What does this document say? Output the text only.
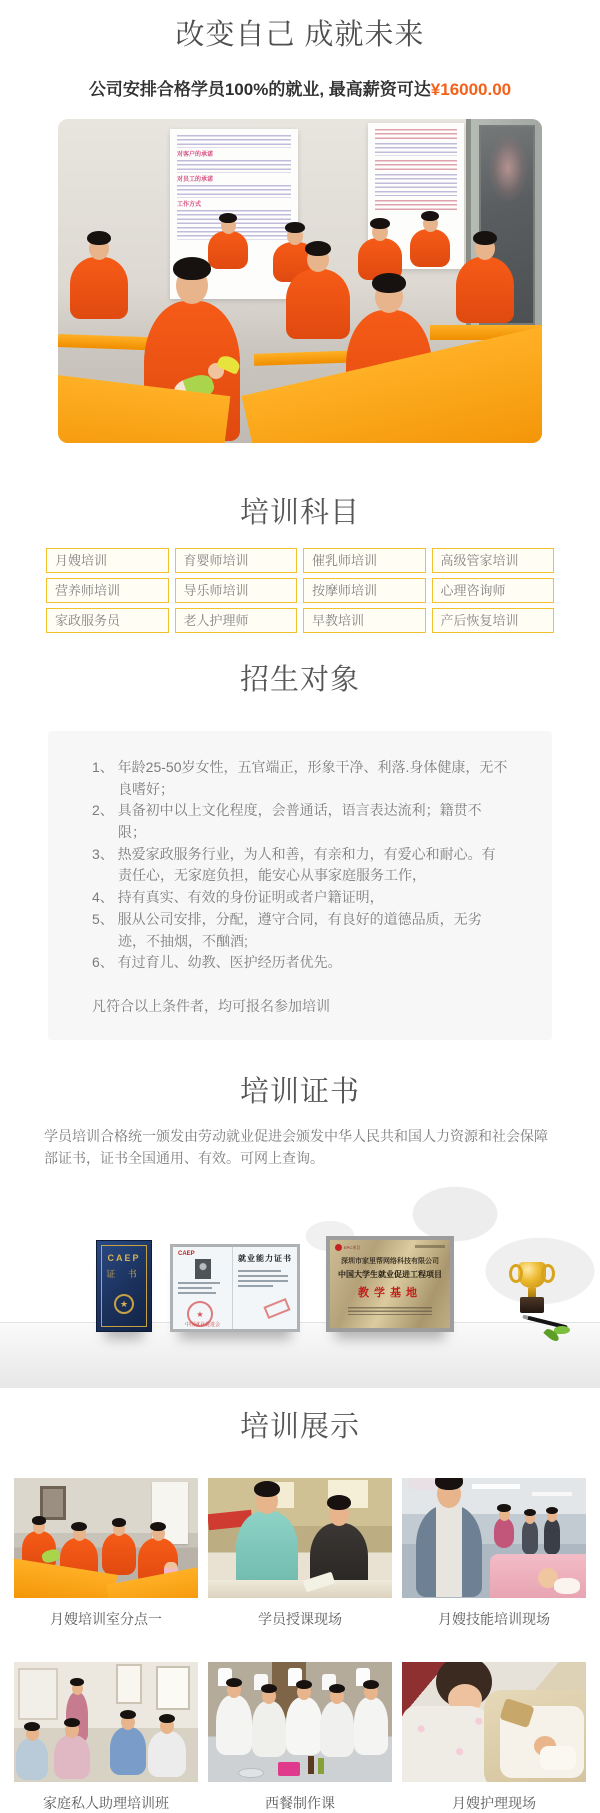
改变自己 成就未来

公司安排合格学员100%的就业, 最高薪资可达¥16000.00

对客户的承诺
对员工的承诺
工作方式
培训科目
月嫂培训	育婴师培训	催乳师培训	高级管家培训
营养师培训	导乐师培训	按摩师培训	心理咨询师
家政服务员	老人护理师	早教培训	产后恢复培训
招生对象
1、 年龄25-50岁女性，五官端正，形象干净、利落.身体健康，无不良嗜好；
2、 具备初中以上文化程度，会普通话，语言表达流利；籍贯不限；
3、 热爱家政服务行业，为人和善，有亲和力，有爱心和耐心。有责任心，无家庭负担，能安心从事家庭服务工作，
4、 持有真实、有效的身份证明或者户籍证明，
5、 服从公司安排，分配，遵守合同，有良好的道德品质，无劣迹，不抽烟，不酗酒;
6、 有过育儿、幼教、医护经历者优先。

凡符合以上条件者，均可报名参加培训

培训证书

学员培训合格统一颁发由劳动就业促进会颁发中华人民共和国人力资源和社会保障部证书，证书全国通用、有效。可网上查询。

CAEP
证 书
★
CAEP
★
中国就业促进会
就业能力证书
EPC项目
深圳市家里帮网络科技有限公司
中国大学生就业促进工程项目
教学基地
培训展示
月嫂培训室分点一	学员授课现场	月嫂技能培训现场
家庭私人助理培训班	西餐制作课	月嫂护理现场
